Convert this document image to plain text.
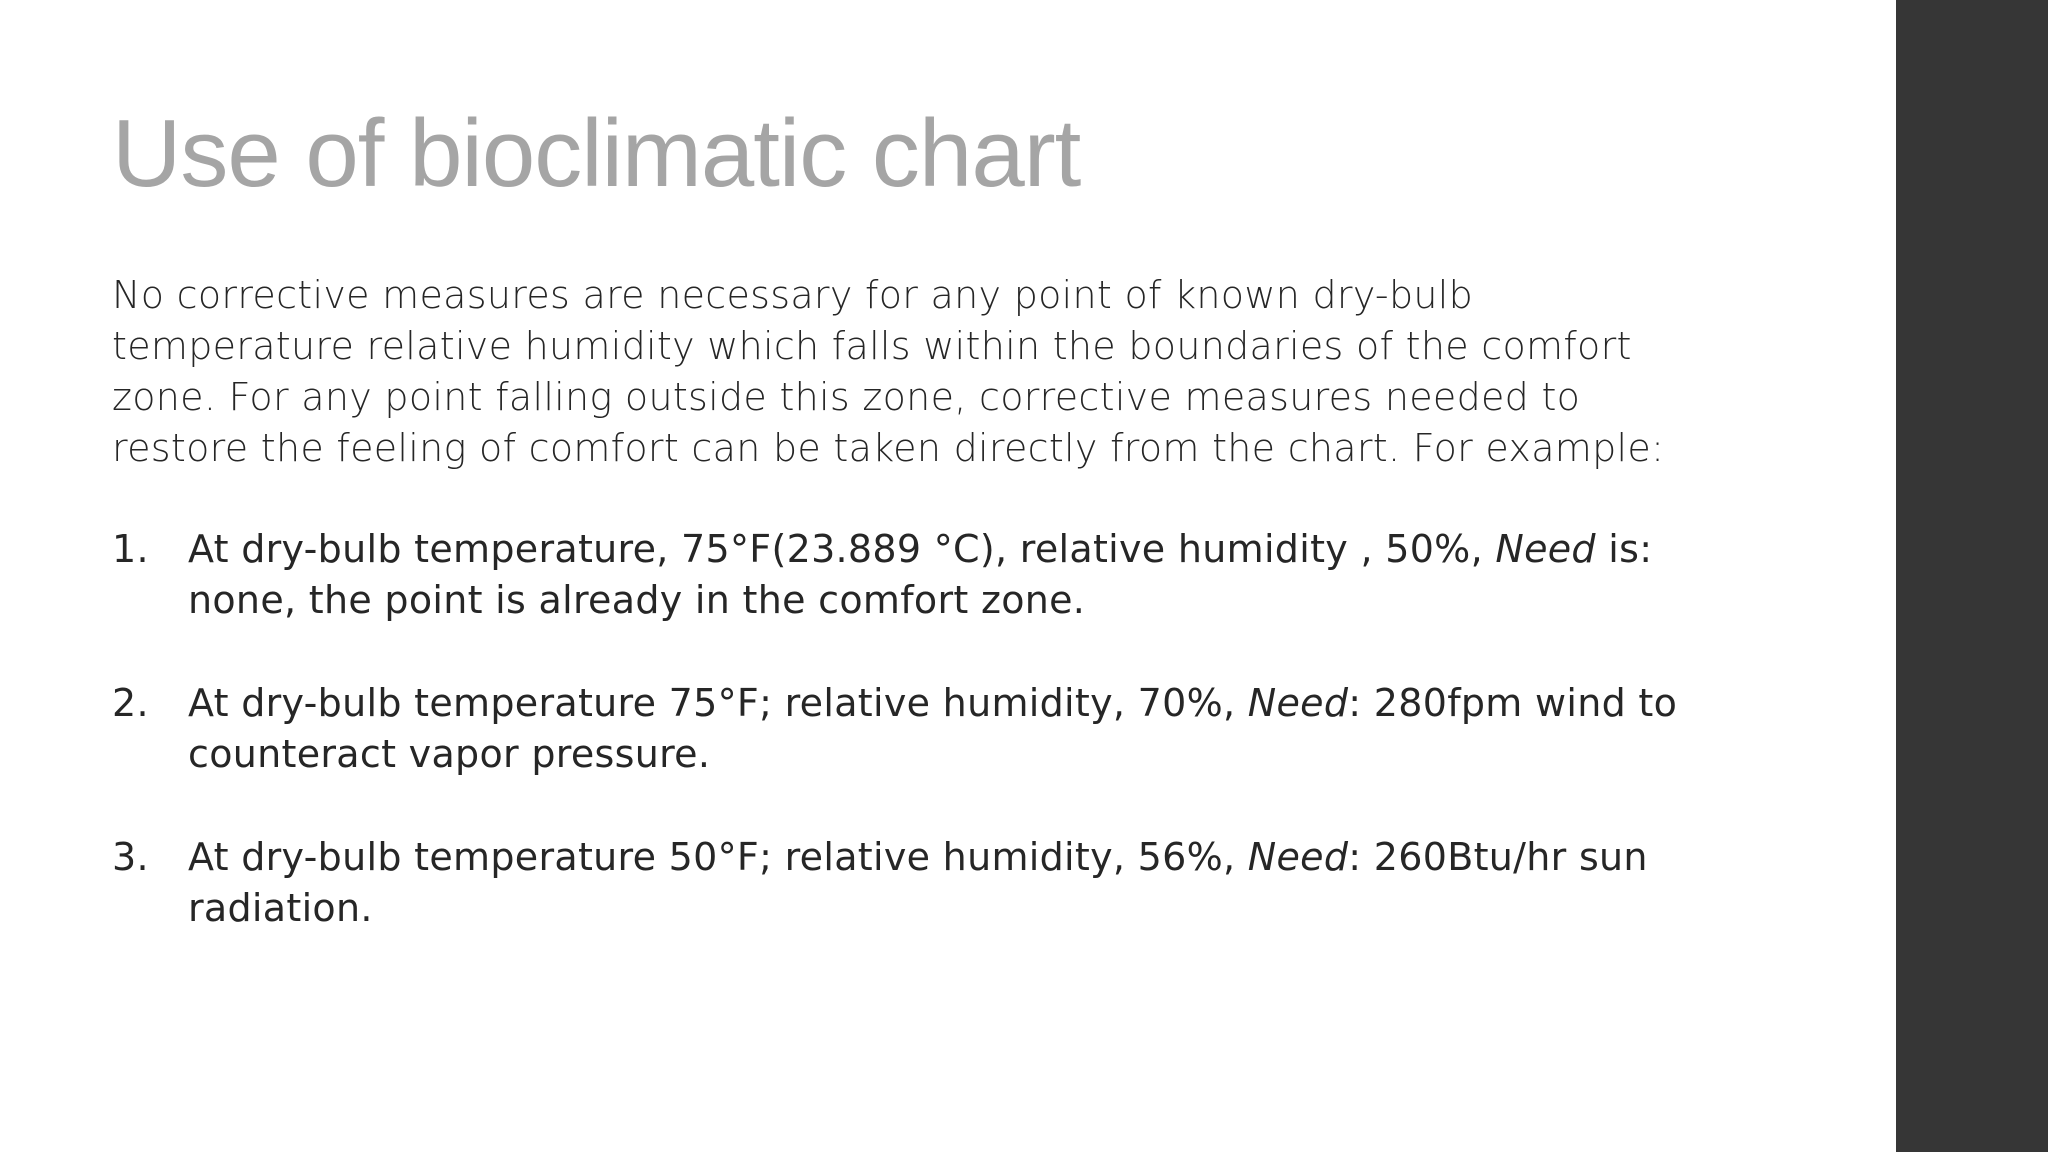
Use of bioclimatic chart

No corrective measures are necessary for any point of known dry-bulb temperature relative humidity which falls within the boundaries of the comfort zone. For any point falling outside this zone, corrective measures needed to restore the feeling of comfort can be taken directly from the chart. For example:

1.	At dry-bulb temperature, 75°F(23.889 °C), relative humidity , 50%, Need is: none, the point is already in the comfort zone.
2.	At dry-bulb temperature 75°F; relative humidity, 70%, Need: 280fpm wind to counteract vapor pressure.
3.	At dry-bulb temperature 50°F; relative humidity, 56%, Need: 260Btu/hr sun radiation.
